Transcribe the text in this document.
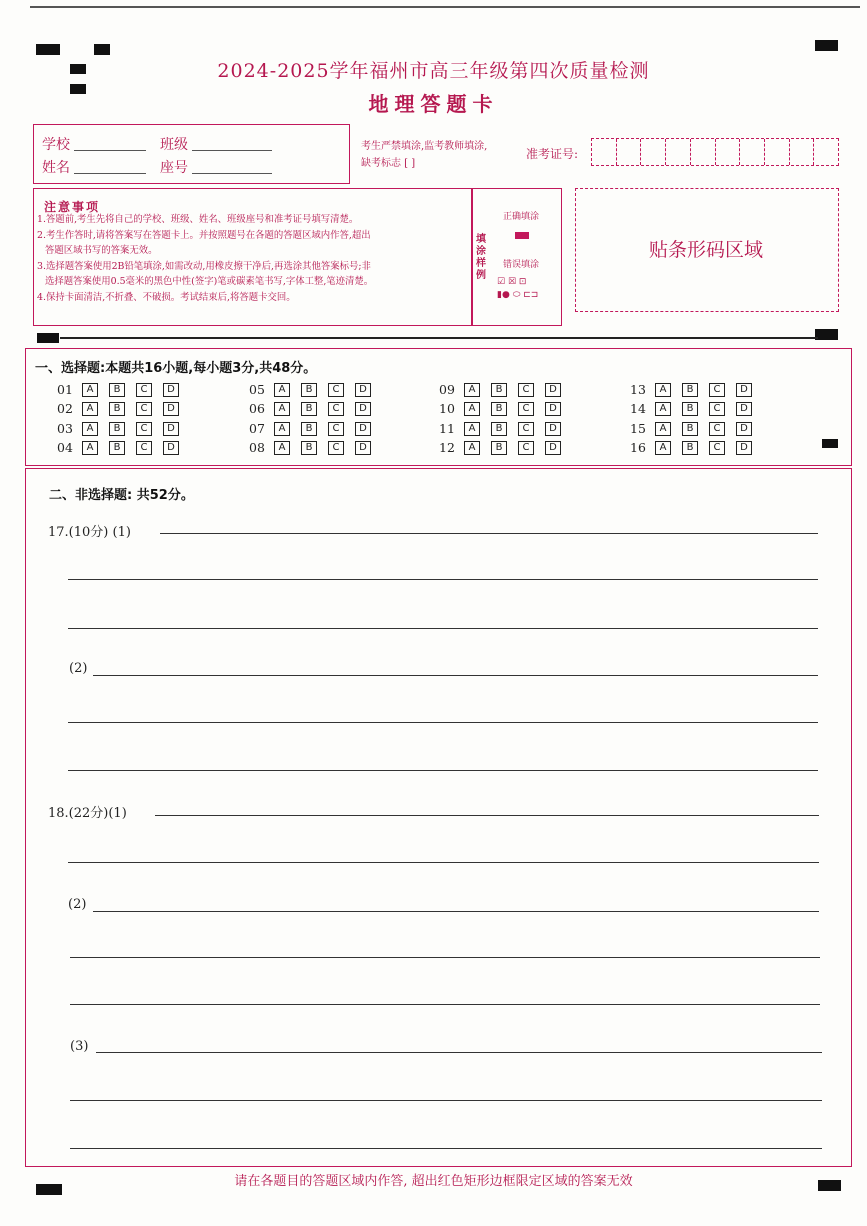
2024-2025学年福州市高三年级第四次质量检测
地理答题卡
学校	班级
姓名	座号
考生严禁填涂,监考教师填涂,
缺考标志 [ ]
准考证号:
注意事项
1.答题前,考生先将自己的学校、班级、姓名、班级座号和准考证号填写清楚。
2.考生作答时,请将答案写在答题卡上。并按照题号在各题的答题区域内作答,超出
答题区域书写的答案无效。
3.选择题答案使用2B铅笔填涂,如需改动,用橡皮擦干净后,再选涂其他答案标号;非
选择题答案使用0.5毫米的黑色中性(签字)笔或碳素笔书写,字体工整,笔迹清楚。
4.保持卡面清洁,不折叠、不破损。考试结束后,将答题卡交回。
填涂样例
正确填涂
错误填涂
☑ ☒ ⊡
▮● ⬭ ⊏⊐
贴条形码区域
一、选择题:本题共16小题,每小题3分,共48分。
01	A	B	C	D
02	A	B	C	D
03	A	B	C	D
04	A	B	C	D
05	A	B	C	D
06	A	B	C	D
07	A	B	C	D
08	A	B	C	D
09	A	B	C	D
10	A	B	C	D
11	A	B	C	D
12	A	B	C	D
13	A	B	C	D
14	A	B	C	D
15	A	B	C	D
16	A	B	C	D
二、非选择题: 共52分。
17.(10分) (1)
(2)
18.(22分)(1)
(2)
(3)
请在各题目的答题区域内作答, 超出红色矩形边框限定区域的答案无效
